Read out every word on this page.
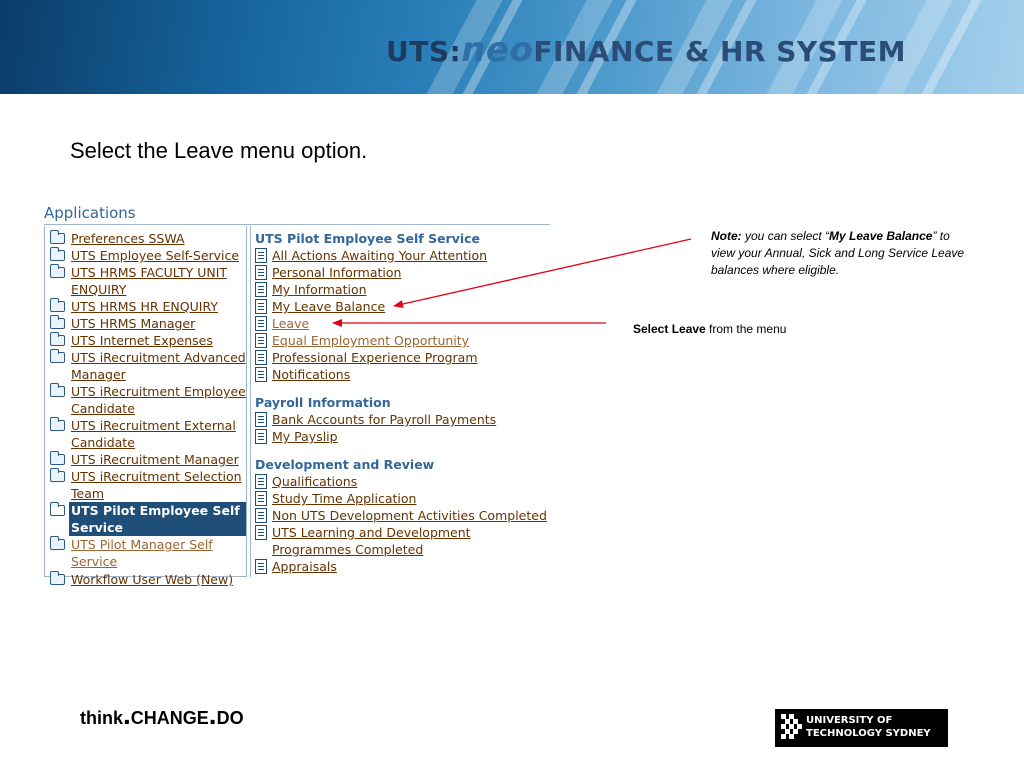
UTS:neoFINANCE & HR SYSTEM
Select the Leave menu option.
Applications
Preferences SSWA
UTS Employee Self-Service
UTS HRMS FACULTY UNIT ENQUIRY
UTS HRMS HR ENQUIRY
UTS HRMS Manager
UTS Internet Expenses
UTS iRecruitment Advanced Manager
UTS iRecruitment Employee Candidate
UTS iRecruitment External Candidate
UTS iRecruitment Manager
UTS iRecruitment Selection Team
UTS Pilot Employee Self Service
UTS Pilot Manager Self Service
Workflow User Web (New)
UTS Pilot Employee Self Service
All Actions Awaiting Your Attention
Personal Information
My Information
My Leave Balance
Leave
Equal Employment Opportunity
Professional Experience Program
Notifications
Payroll Information
Bank Accounts for Payroll Payments
My Payslip
Development and Review
Qualifications
Study Time Application
Non UTS Development Activities Completed
UTS Learning and Development Programmes Completed
Appraisals
Note: you can select “My Leave Balance” to view your Annual, Sick and Long Service Leave balances where eligible.
Select Leave from the menu
think.CHANGE.DO	UNIVERSITY OF
TECHNOLOGY SYDNEY
